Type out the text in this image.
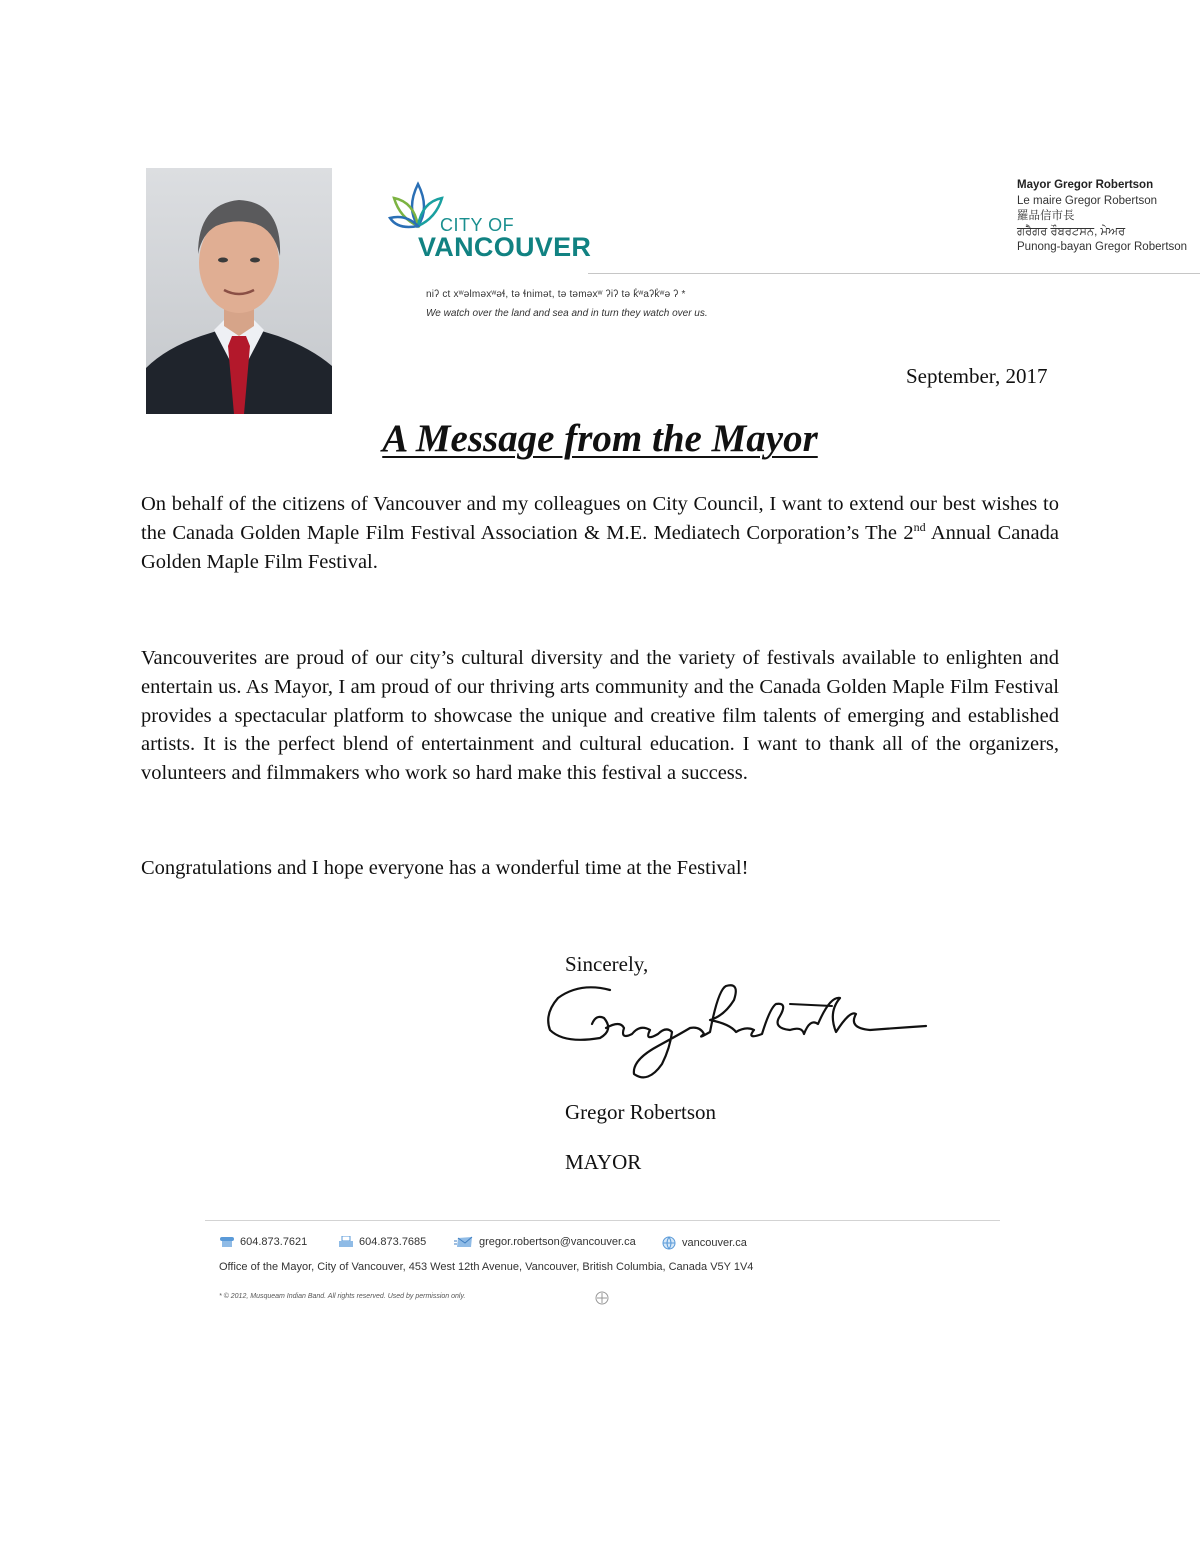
CITY OF
VANCOUVER
Mayor Gregor Robertson
Le maire Gregor Robertson
羅品信市長
ਗਰੈਗਰ ਰੌਬਰਟਸਨ, ਮੇਅਰ
Punong-bayan Gregor Robertson
niʔ ct xʷəlməxʷəɬ, tə ɬnimət, tə təməxʷ ʔiʔ tə k̓ʷaʔk̓ʷə ʔ *
We watch over the land and sea and in turn they watch over us.
September, 2017
A Message from the Mayor
On behalf of the citizens of Vancouver and my colleagues on City Council, I want to extend our best wishes to the Canada Golden Maple Film Festival Association & M.E. Mediatech Corporation’s The 2nd Annual Canada Golden Maple Film Festival.
Vancouverites are proud of our city’s cultural diversity and the variety of festivals available to enlighten and entertain us. As Mayor, I am proud of our thriving arts community and the Canada Golden Maple Film Festival provides a spectacular platform to showcase the unique and creative film talents of emerging and established artists. It is the perfect blend of entertainment and cultural education. I want to thank all of the organizers, volunteers and filmmakers who work so hard make this festival a success.
Congratulations and I hope everyone has a wonderful time at the Festival!
Sincerely,
Gregor Robertson
MAYOR
604.873.7621	604.873.7685	gregor.robertson@vancouver.ca	vancouver.ca
Office of the Mayor, City of Vancouver, 453 West 12th Avenue, Vancouver, British Columbia, Canada V5Y 1V4
* © 2012, Musqueam Indian Band. All rights reserved. Used by permission only.
